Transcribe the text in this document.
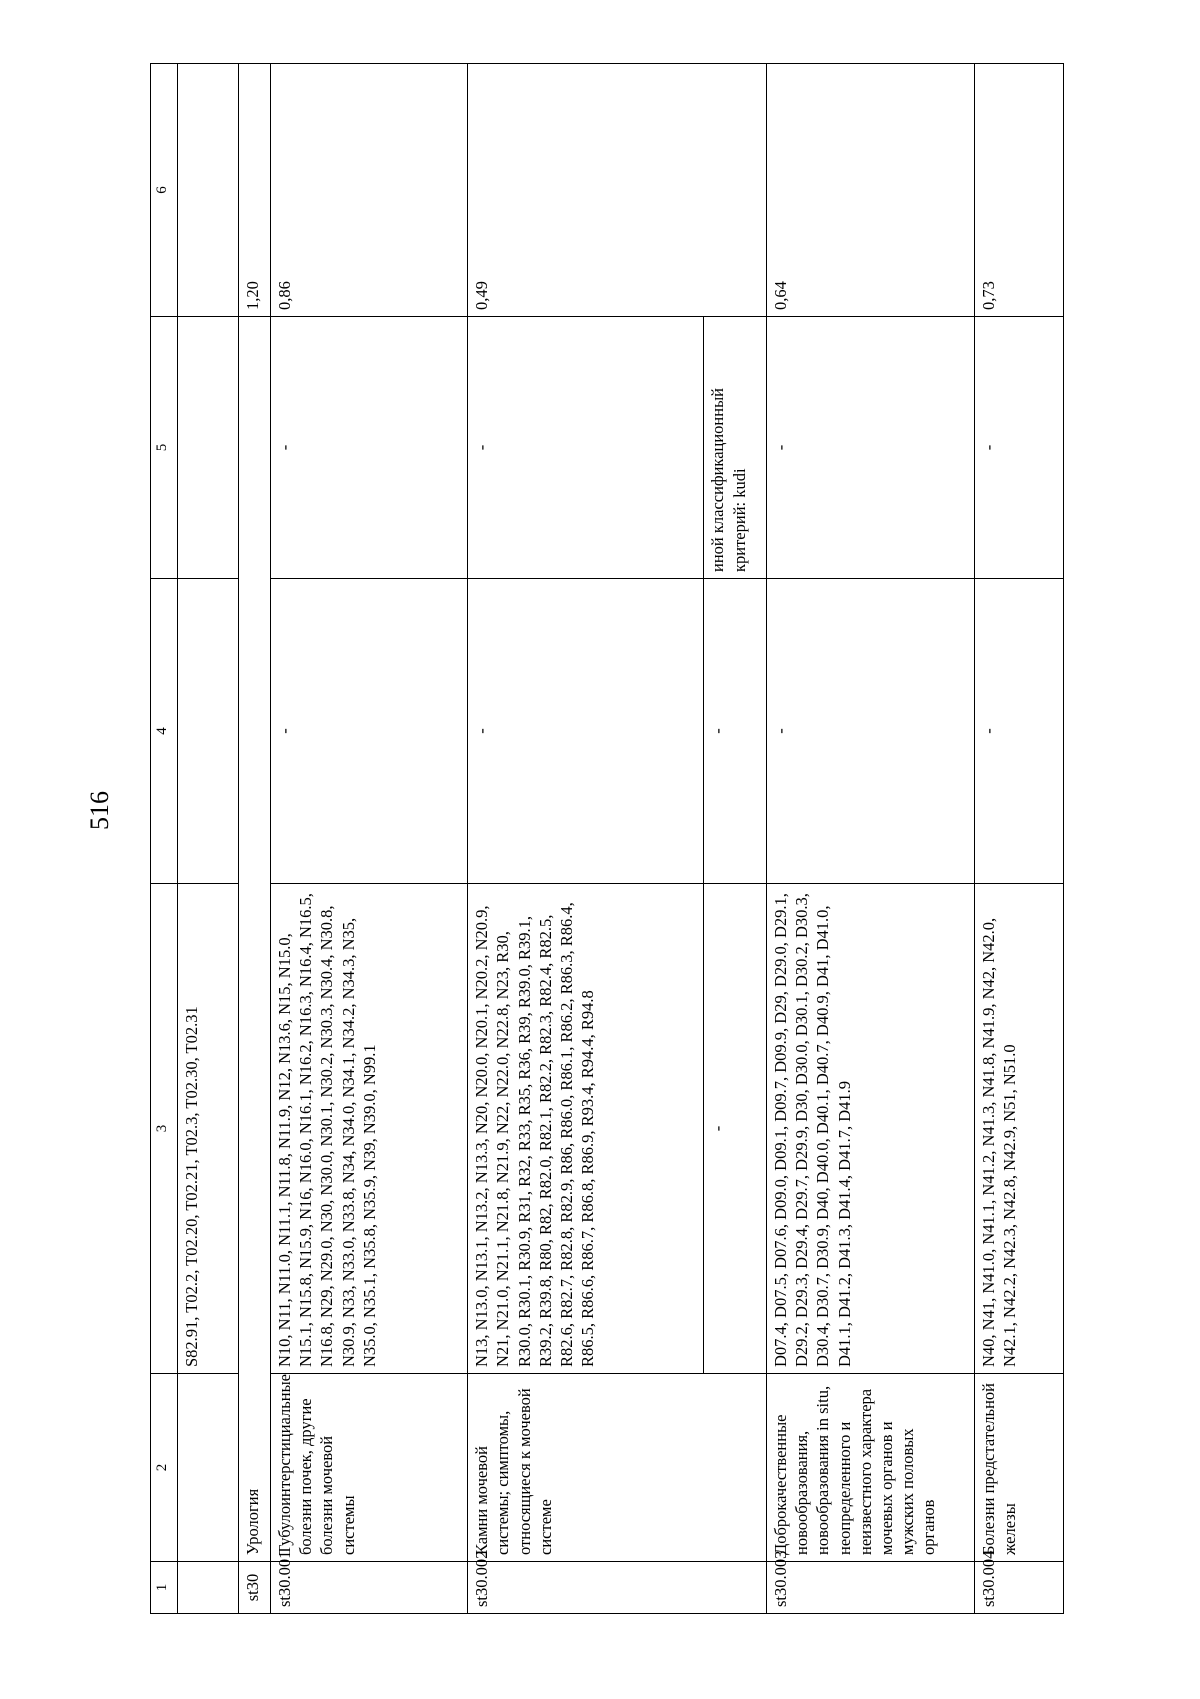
516
1	2	3	4	5	6
		S82.91, T02.2, T02.20, T02.21, T02.3, T02.30, T02.31			
st30	Урология				1,20
st30.001	Тубулоинтерстициальные болезни почек, другие болезни мочевой системы	N10, N11, N11.0, N11.1, N11.8, N11.9, N12, N13.6, N15, N15.0, N15.1, N15.8, N15.9, N16, N16.0, N16.1, N16.2, N16.3, N16.4, N16.5, N16.8, N29, N29.0, N30, N30.0, N30.1, N30.2, N30.3, N30.4, N30.8, N30.9, N33, N33.0, N33.8, N34, N34.0, N34.1, N34.2, N34.3, N35, N35.0, N35.1, N35.8, N35.9, N39, N39.0, N99.1	-	-	0,86
st30.002	Камни мочевой системы; симптомы, относящиеся к мочевой системе	N13, N13.0, N13.1, N13.2, N13.3, N20, N20.0, N20.1, N20.2, N20.9, N21, N21.0, N21.1, N21.8, N21.9, N22, N22.0, N22.8, N23, R30, R30.0, R30.1, R30.9, R31, R32, R33, R35, R36, R39, R39.0, R39.1, R39.2, R39.8, R80, R82, R82.0, R82.1, R82.2, R82.3, R82.4, R82.5, R82.6, R82.7, R82.8, R82.9, R86, R86.0, R86.1, R86.2, R86.3, R86.4, R86.5, R86.6, R86.7, R86.8, R86.9, R93.4, R94.4, R94.8	-	-	0,49
		-	-	иной классификационный критерий: kudi	
st30.003	Доброкачественные новообразования, новообразования in situ, неопределенного и неизвестного характера мочевых органов и мужских половых органов	D07.4, D07.5, D07.6, D09.0, D09.1, D09.7, D09.9, D29, D29.0, D29.1, D29.2, D29.3, D29.4, D29.7, D29.9, D30, D30.0, D30.1, D30.2, D30.3, D30.4, D30.7, D30.9, D40, D40.0, D40.1, D40.7, D40.9, D41, D41.0, D41.1, D41.2, D41.3, D41.4, D41.7, D41.9	-	-	0,64
st30.004	Болезни предстательной железы	N40, N41, N41.0, N41.1, N41.2, N41.3, N41.8, N41.9, N42, N42.0, N42.1, N42.2, N42.3, N42.8, N42.9, N51, N51.0	-	-	0,73
